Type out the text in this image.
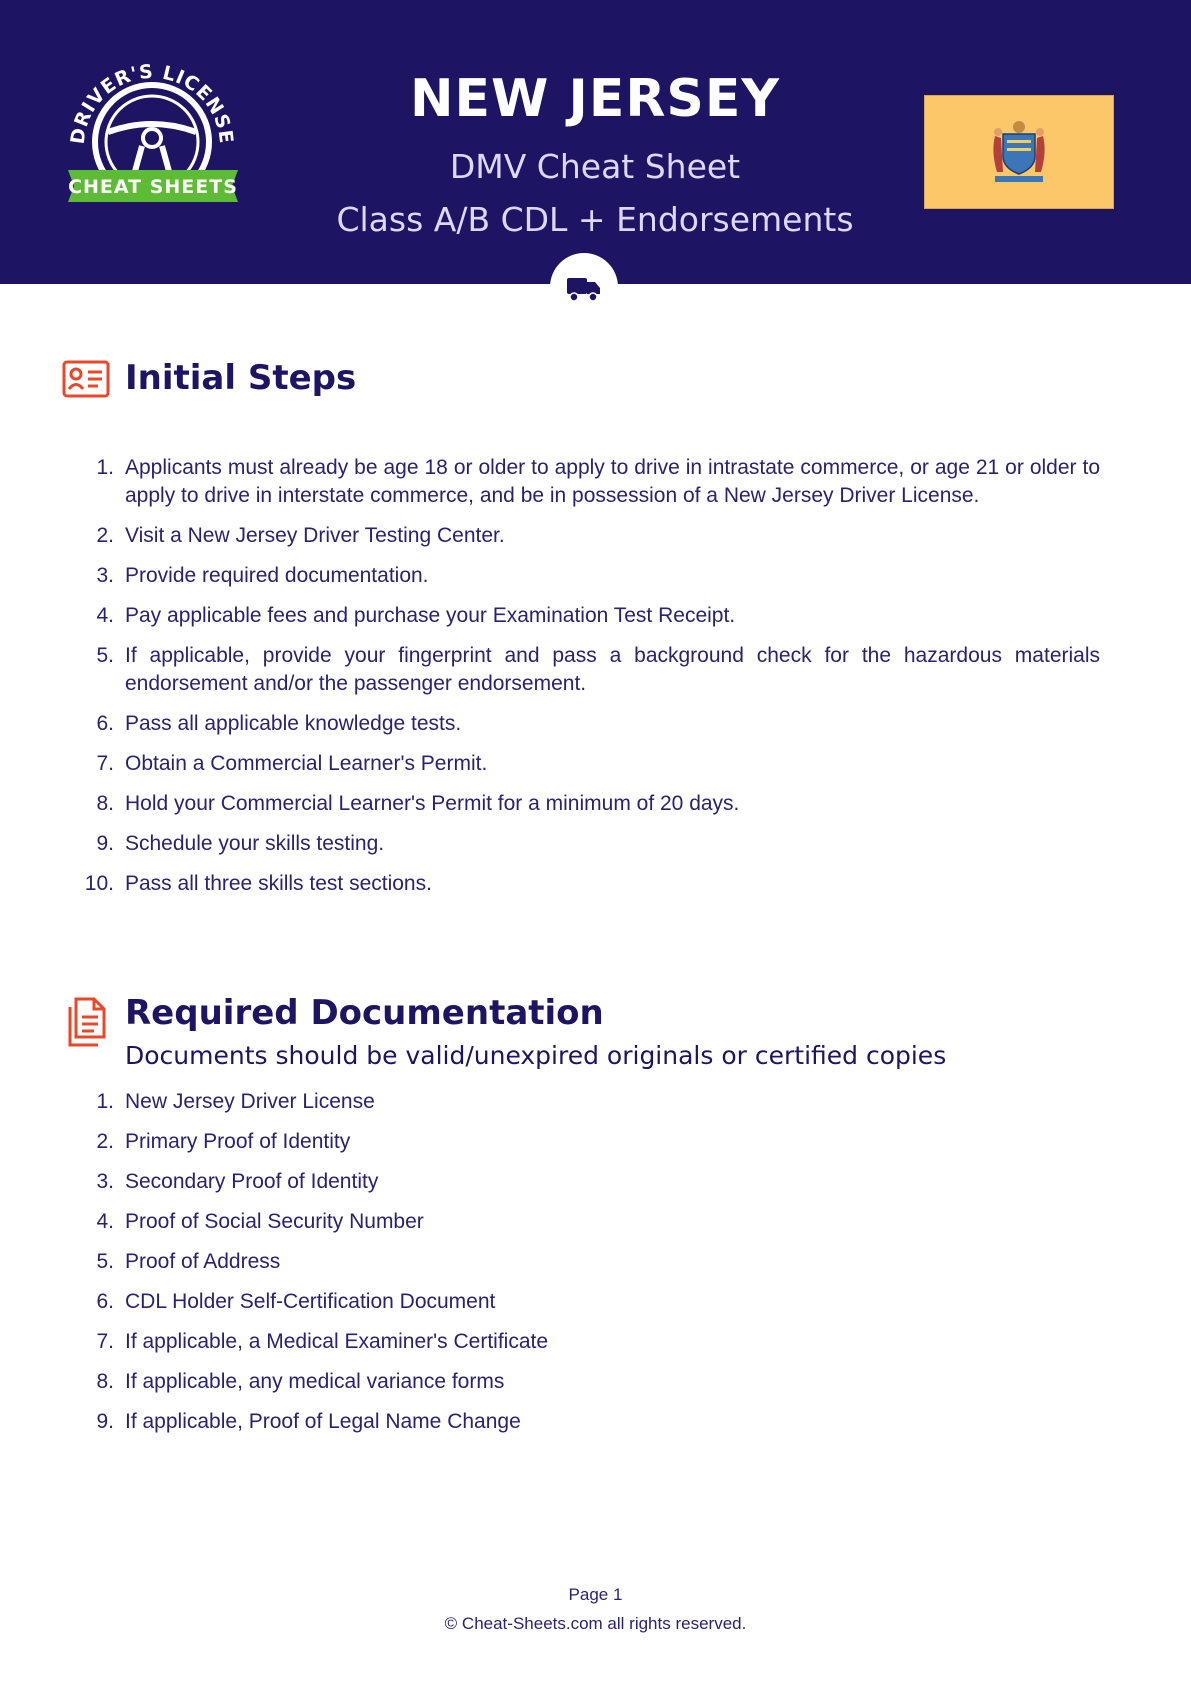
DRIVER'S LICENSE
CHEAT SHEETS
NEW JERSEY
DMV Cheat Sheet
Class A/B CDL + Endorsements
Initial Steps
1. Applicants must already be age 18 or older to apply to drive in intrastate commerce, or age 21 or older to apply to drive in interstate commerce, and be in possession of a New Jersey Driver License.
2. Visit a New Jersey Driver Testing Center.
3. Provide required documentation.
4. Pay applicable fees and purchase your Examination Test Receipt.
5. If applicable, provide your fingerprint and pass a background check for the hazardous materials endorsement and/or the passenger endorsement.
6. Pass all applicable knowledge tests.
7. Obtain a Commercial Learner's Permit.
8. Hold your Commercial Learner's Permit for a minimum of 20 days.
9. Schedule your skills testing.
10. Pass all three skills test sections.
Required Documentation
Documents should be valid/unexpired originals or certified copies
1. New Jersey Driver License
2. Primary Proof of Identity
3. Secondary Proof of Identity
4. Proof of Social Security Number
5. Proof of Address
6. CDL Holder Self-Certification Document
7. If applicable, a Medical Examiner's Certificate
8. If applicable, any medical variance forms
9. If applicable, Proof of Legal Name Change
Page 1
© Cheat-Sheets.com all rights reserved.
